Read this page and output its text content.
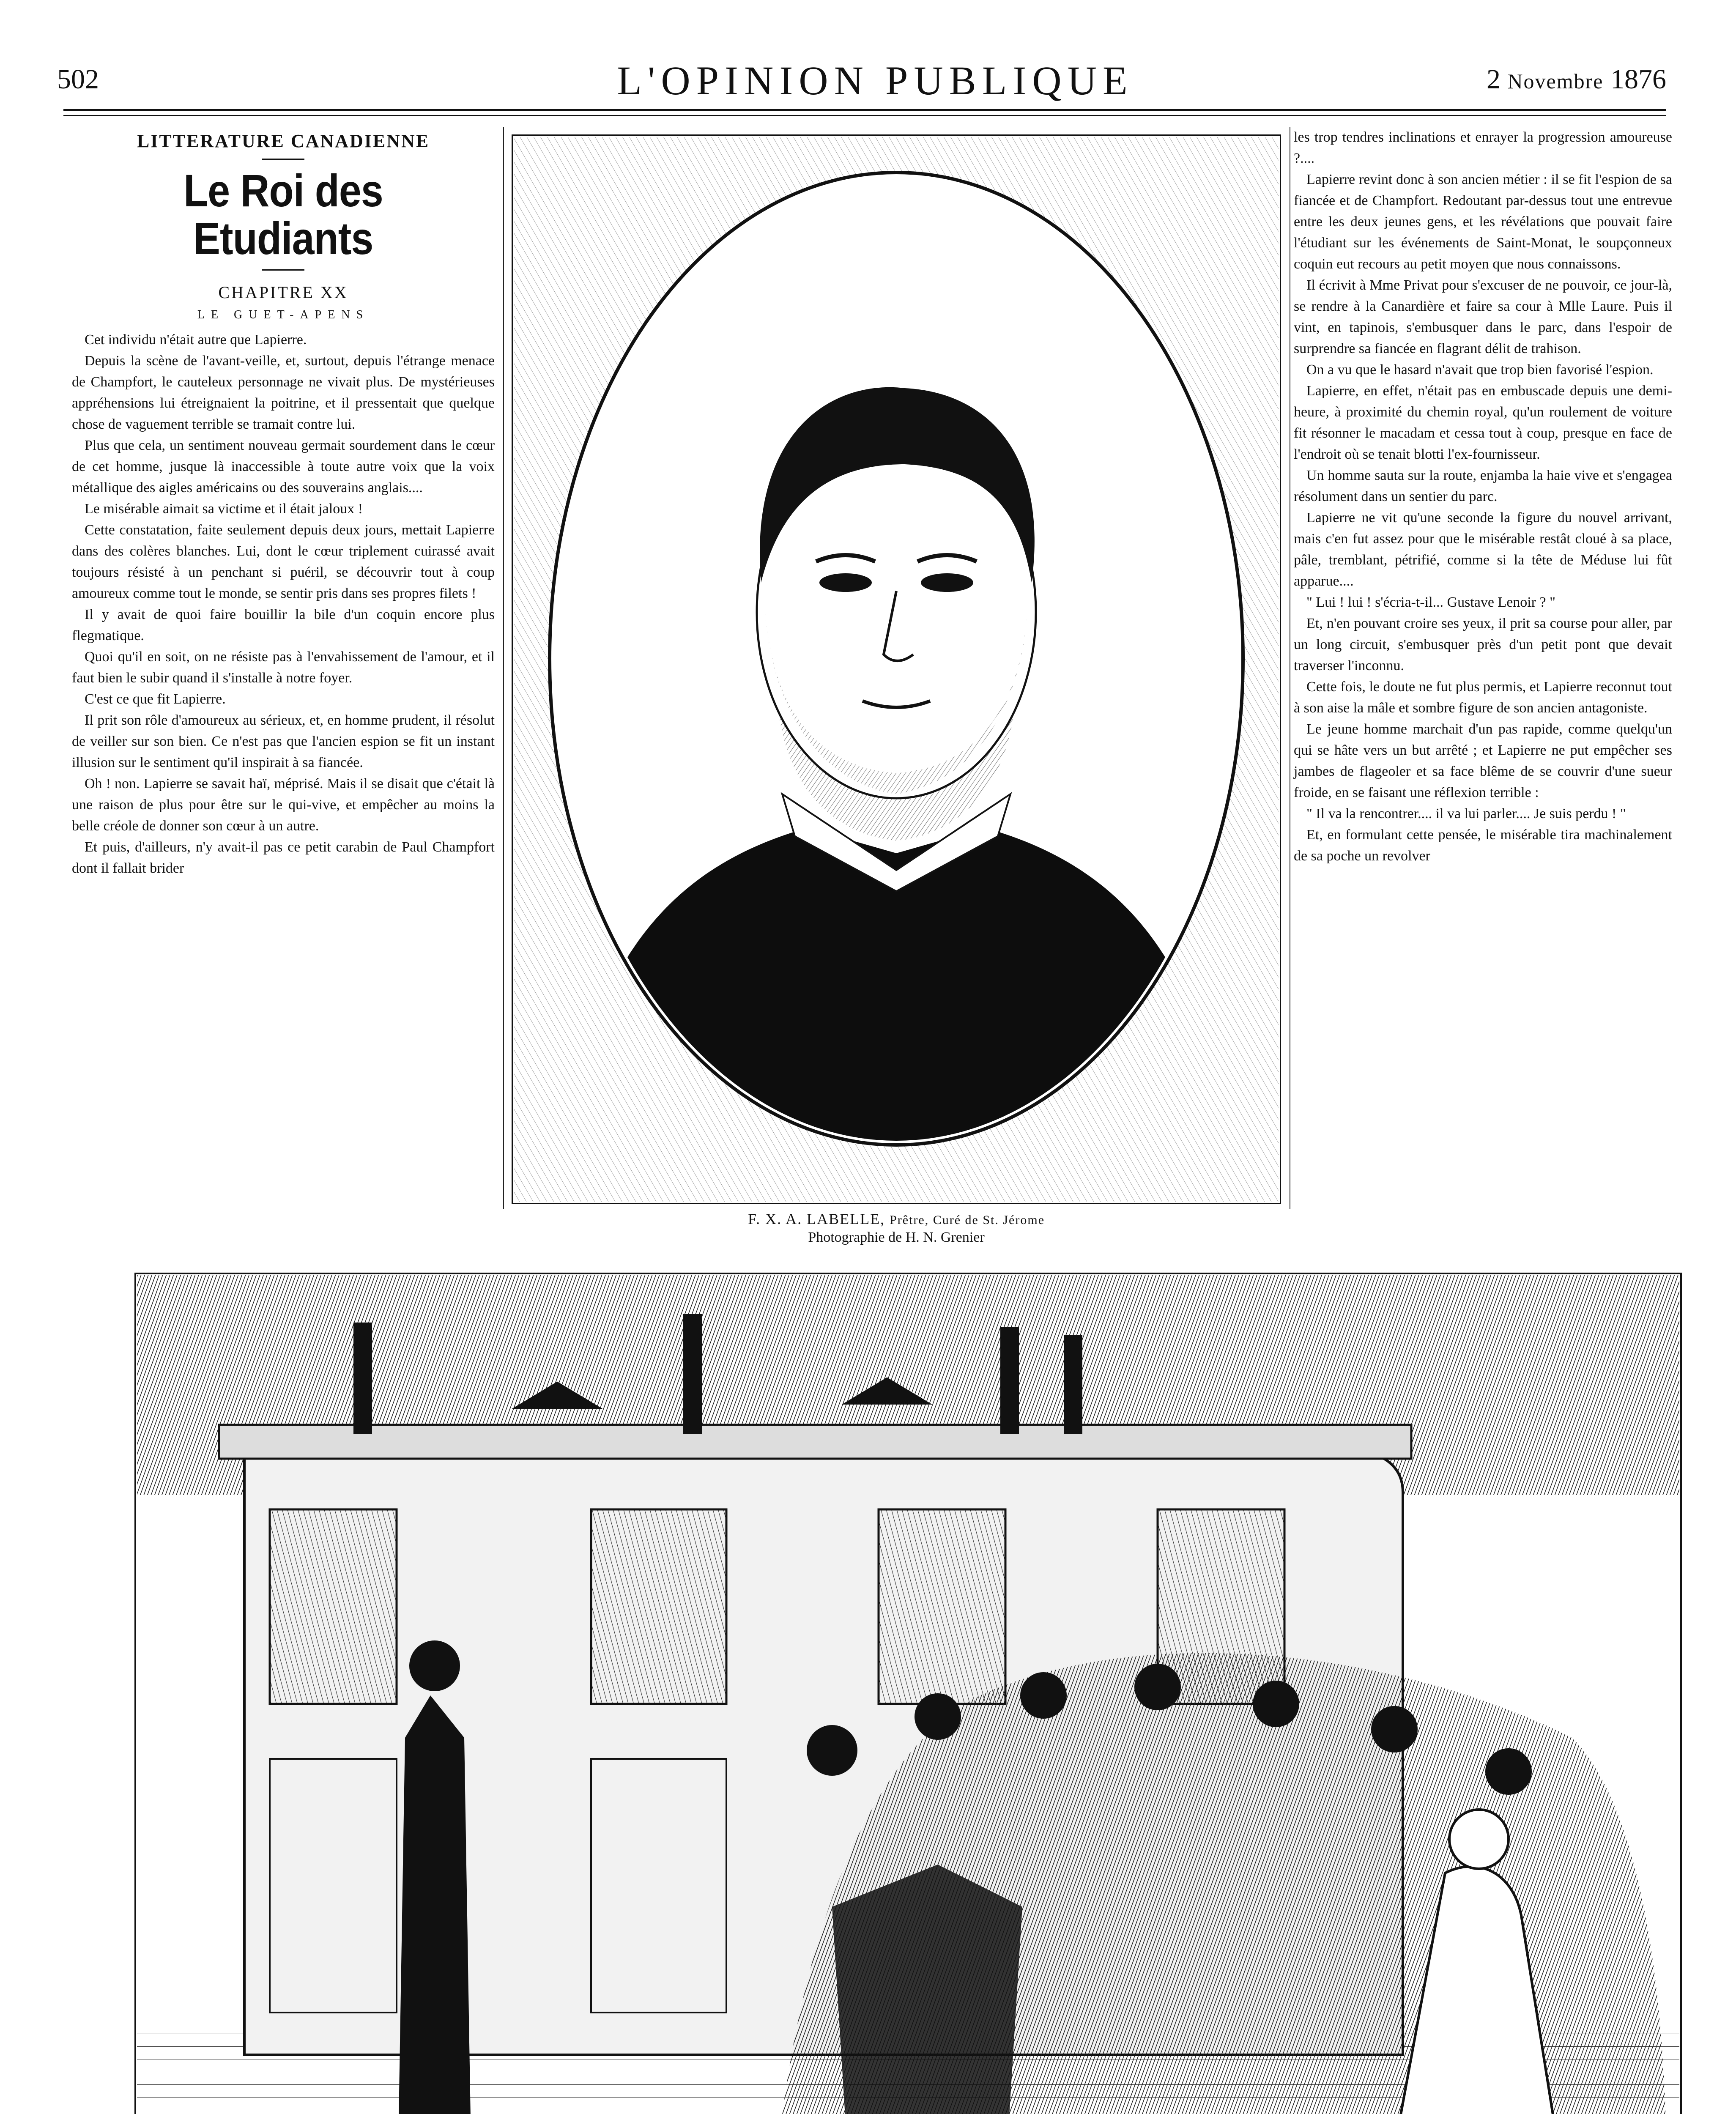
502	L'OPINION PUBLIQUE	2 Novembre 1876
LITTERATURE CANADIENNE
Le Roi des Etudiants
CHAPITRE XX
LE GUET-APENS

Cet individu n'était autre que Lapierre.

Depuis la scène de l'avant-veille, et, surtout, depuis l'étrange menace de Champfort, le cauteleux personnage ne vivait plus. De mystérieuses appréhensions lui étreignaient la poitrine, et il pressentait que quelque chose de vaguement terrible se tramait contre lui.

Plus que cela, un sentiment nouveau germait sourdement dans le cœur de cet homme, jusque là inaccessible à toute autre voix que la voix métallique des aigles américains ou des souverains anglais....

Le misérable aimait sa victime et il était jaloux !

Cette constatation, faite seulement depuis deux jours, mettait Lapierre dans des colères blanches. Lui, dont le cœur triplement cuirassé avait toujours résisté à un penchant si puéril, se découvrir tout à coup amoureux comme tout le monde, se sentir pris dans ses propres filets !

Il y avait de quoi faire bouillir la bile d'un coquin encore plus flegmatique.

Quoi qu'il en soit, on ne résiste pas à l'envahissement de l'amour, et il faut bien le subir quand il s'installe à notre foyer.

C'est ce que fit Lapierre.

Il prit son rôle d'amoureux au sérieux, et, en homme prudent, il résolut de veiller sur son bien. Ce n'est pas que l'ancien espion se fit un instant illusion sur le sentiment qu'il inspirait à sa fiancée.

Oh ! non. Lapierre se savait haï, méprisé. Mais il se disait que c'était là une raison de plus pour être sur le qui-vive, et empêcher au moins la belle créole de donner son cœur à un autre.

Et puis, d'ailleurs, n'y avait-il pas ce petit carabin de Paul Champfort dont il fallait brider

F. X. A. LABELLE, Prêtre, Curé de St. Jérome
Photographie de H. N. Grenier

les trop tendres inclinations et enrayer la progression amoureuse ?....

Lapierre revint donc à son ancien métier : il se fit l'espion de sa fiancée et de Champfort. Redoutant par-dessus tout une entrevue entre les deux jeunes gens, et les révélations que pouvait faire l'étudiant sur les événements de Saint-Monat, le soupçonneux coquin eut recours au petit moyen que nous connaissons.

Il écrivit à Mme Privat pour s'excuser de ne pouvoir, ce jour-là, se rendre à la Canardière et faire sa cour à Mlle Laure. Puis il vint, en tapinois, s'embusquer dans le parc, dans l'espoir de surprendre sa fiancée en flagrant délit de trahison.

On a vu que le hasard n'avait que trop bien favorisé l'espion.

Lapierre, en effet, n'était pas en embuscade depuis une demi-heure, à proximité du chemin royal, qu'un roulement de voiture fit résonner le macadam et cessa tout à coup, presque en face de l'endroit où se tenait blotti l'ex-fournisseur.

Un homme sauta sur la route, enjamba la haie vive et s'engagea résolument dans un sentier du parc.

Lapierre ne vit qu'une seconde la figure du nouvel arrivant, mais c'en fut assez pour que le misérable restât cloué à sa place, pâle, tremblant, pétrifié, comme si la tête de Méduse lui fût apparue....

" Lui ! lui ! s'écria-t-il... Gustave Lenoir ? "

Et, n'en pouvant croire ses yeux, il prit sa course pour aller, par un long circuit, s'embusquer près d'un petit pont que devait traverser l'inconnu.

Cette fois, le doute ne fut plus permis, et Lapierre reconnut tout à son aise la mâle et sombre figure de son ancien antagoniste.

Le jeune homme marchait d'un pas rapide, comme quelqu'un qui se hâte vers un but arrêté ; et Lapierre ne put empêcher ses jambes de flageoler et sa face blême de se couvrir d'une sueur froide, en se faisant une réflexion terrible :

" Il va la rencontrer.... il va lui parler.... Je suis perdu ! "

Et, en formulant cette pensée, le misérable tira machinalement de sa poche un revolver
